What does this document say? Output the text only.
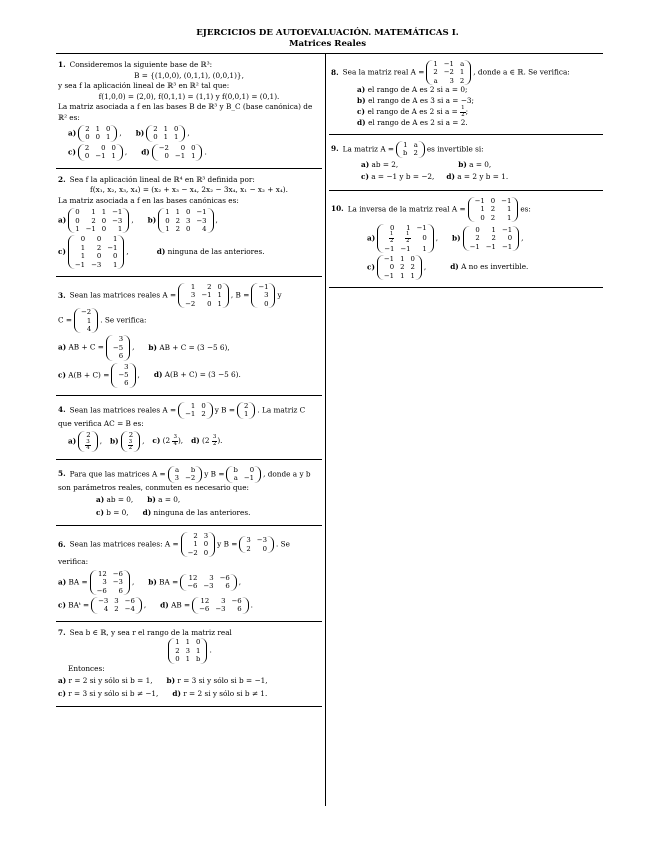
EJERCICIOS DE AUTOEVALUACIÓN. MATEMÁTICAS I.
Matrices Reales

1. Consideremos la siguiente base de ℝ³:

B = {(1,0,0), (0,1,1), (0,0,1)},

y sea f la aplicación lineal de ℝ³ en ℝ² tal que:

f(1,0,0) = (2,0), f(0,1,1) = (1,1) y f(0,0,1) = (0,1).

La matriz asociada a f en las bases B de ℝ³ y B_C (base canónica) de ℝ² es:

a) 2	1	0
0	0	1 , b) 2	1	0
0	1	1 ,
c) 2	0	0
0	−1	1 , d) −2	0	0
0	−1	1 .

2. Sea f la aplicación lineal de ℝ⁴ en ℝ³ definida por:

f(x₁, x₂, x₃, x₄) = (x₂ + x₃ − x₄, 2x₂ − 3x₄, x₁ − x₂ + x₄).

La matriz asociada a f en las bases canónicas es:

a)
0	1	1	−1
0	2	0	−3
1	−1	0	1
, b)
1	1	0	−1
0	2	3	−3
1	2	0	4
,
c)
0	0	1
1	2	−1
1	0	0
−1	−3	1
,	d) ninguna de las anteriores.

3. Sean las matrices reales A =
1	2	0
3	−1	1
−2	0	1
, B =
−1
3
0
y

C =
−2
1
4
. Se verifica:

a) AB + C =
3
−5
6
, b) AB + C = (3 −5 6),
c) A(B + C) =
3
−5
6
, d) A(B + C) = (3 −5 6).

4. Sean las matrices reales A = 1	0
−1	2 y B = 2
1 . La matriz C que verifica AC = B es:

a)
2

$\frac{3}{4}$ , b)
2

$\frac{3}{2}$ , c) ($2 \frac{3}{4}$ ), d) ($2 \frac{3}{2}$ ).

5. Para que las matrices A = a	b
3	−2 y B = b	0
a	−1 , donde a y b son parámetros reales, conmuten es necesario que:

a) ab = 0, b) a = 0,
c) b = 0, d) ninguna de las anteriores.

6. Sean las matrices reales: A =
2	3
1	0
−2	0
y B = 3	−3
2	0 . Se verifica:

a) BA =
12	−6
3	−3
−6	6
, b) BA = 12	3	−6
−6	−3	6 ,
c) BAᵗ = −3	3	−6
4	2	−4 , d) AB = 12	3	−6
−6	−3	6 .

7. Sea b ∈ ℝ, y sea r el rango de la matriz real

1	1	0
2	3	1
0	1	b
.

Entonces:

a) r = 2 si y sólo si b = 1, b) r = 3 si y sólo si b = −1,
c) r = 3 si y sólo si b ≠ −1, d) r = 2 si y sólo si b ≠ 1.

8. Sea la matriz real A =
1	−1	a
2	−2	1
a	3	2
, donde a ∈ ℝ. Se verifica:

a) el rango de A es 2 si a = 0;

b) el rango de A es 3 si a = −3;

c) el rango de A es 2 si $a = \frac{1}{2}$ ;

d) el rango de A es 2 si a = 2.

9. La matriz A = 1	a
b	2 es invertible si:

a) ab = 2,	b) a = 0,
c) a = −1 y b = −2, d) a = 2 y b = 1.

10. La inversa de la matriz real A =
−1	0	−1
1	2	1
0	2	1
es:

a)
0	1	−1

$\frac{1}{2}$	$\frac{1}{2}$	0
−1	−1	1
, b)
0	1	−1
2	2	0
−1	−1	−1
,
c)
−1	1	0
0	2	2
−1	1	1
,	d) A no es invertible.
